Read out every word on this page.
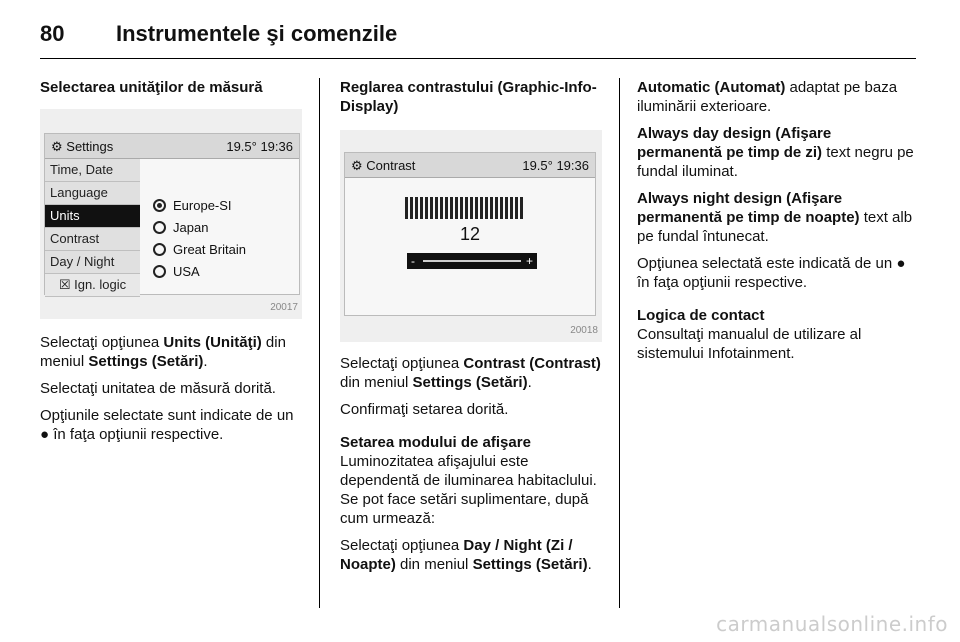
80	Instrumentele şi comenzile

Selectarea unităţilor de măsură

⚙ Settings	19.5° 19:36
Time, Date
Language
Units
Contrast
Day / Night
☒ Ign. logic
Europe-SI
Japan
Great Britain
USA
20017

Selectaţi opţiunea Units (Unităţi) din meniul Settings (Setări).

Selectaţi unitatea de măsură dorită.

Opţiunile selectate sunt indicate de un ● în faţa opţiunii respective.

Reglarea contrastului (Graphic-Info-Display)

⚙ Contrast	19.5° 19:36
12
-	+
20018

Selectaţi opţiunea Contrast (Contrast) din meniul Settings (Setări).

Confirmaţi setarea dorită.

Setarea modului de afişare

Luminozitatea afişajului este dependentă de iluminarea habitaclului. Se pot face setări suplimentare, după cum urmează:

Selectaţi opţiunea Day / Night (Zi / Noapte) din meniul Settings (Setări).

Automatic (Automat) adaptat pe baza iluminării exterioare.

Always day design (Afişare permanentă pe timp de zi) text negru pe fundal iluminat.

Always night design (Afişare permanentă pe timp de noapte) text alb pe fundal întunecat.

Opţiunea selectată este indicată de un ● în faţa opţiunii respective.

Logica de contact

Consultaţi manualul de utilizare al sistemului Infotainment.

carmanualsonline.info
